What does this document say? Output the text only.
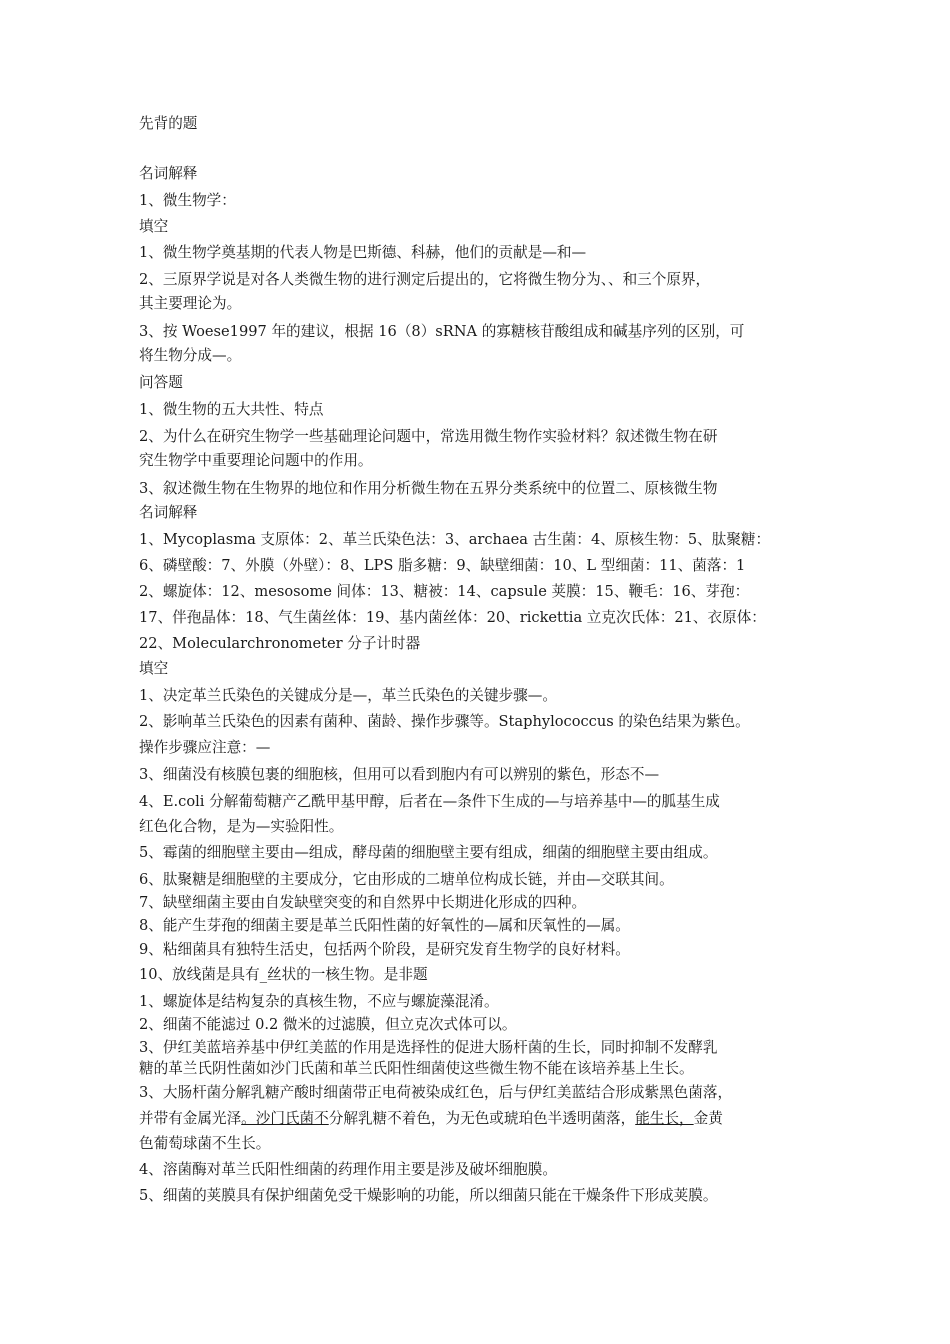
先背的题
名词解释
1、微生物学：
填空
1、微生物学奠基期的代表人物是巴斯德、科赫，他们的贡献是—和—
2、三原界学说是对各人类微生物的进行测定后提出的，它将微生物分为、、和三个原界，
其主要理论为。
3、按 Woese1997 年的建议，根据 16（8）sRNA 的寡糖核苷酸组成和碱基序列的区别，可
将生物分成—。
问答题
1、微生物的五大共性、特点
2、为什么在研究生物学一些基础理论问题中，常选用微生物作实验材料？叙述微生物在研
究生物学中重要理论问题中的作用。
3、叙述微生物在生物界的地位和作用分析微生物在五界分类系统中的位置二、原核微生物
名词解释
1、Mycoplasma 支原体：2、革兰氏染色法：3、archaea 古生菌：4、原核生物：5、肽聚糖：
6、磷壁酸：7、外膜（外壁）：8、LPS 脂多糖：9、缺壁细菌：10、L 型细菌：11、菌落：1
2、螺旋体：12、mesosome 间体：13、糖被：14、capsule 荚膜：15、鞭毛：16、芽孢：
17、伴孢晶体：18、气生菌丝体：19、基内菌丝体：20、rickettia 立克次氏体：21、衣原体：
22、Molecularchronometer 分子计时器
填空
1、决定革兰氏染色的关键成分是—，革兰氏染色的关键步骤—。
2、影响革兰氏染色的因素有菌种、菌龄、操作步骤等。Staphylococcus 的染色结果为紫色。
操作步骤应注意：—
3、细菌没有核膜包裹的细胞核，但用可以看到胞内有可以辨别的紫色，形态不—
4、E.coli 分解葡萄糖产乙酰甲基甲醇，后者在—条件下生成的—与培养基中—的胍基生成
红色化合物，是为—实验阳性。
5、霉菌的细胞壁主要由—组成，酵母菌的细胞壁主要有组成，细菌的细胞壁主要由组成。
6、肽聚糖是细胞壁的主要成分，它由形成的二塘单位构成长链，并由—交联其间。
7、缺壁细菌主要由自发缺壁突变的和自然界中长期进化形成的四种。
8、能产生芽孢的细菌主要是革兰氏阳性菌的好氧性的—属和厌氧性的—属。
9、粘细菌具有独特生活史，包括两个阶段，是研究发育生物学的良好材料。
10、放线菌是具有_丝状的一核生物。是非题
1、螺旋体是结构复杂的真核生物，不应与螺旋藻混淆。
2、细菌不能滤过 0.2 微米的过滤膜，但立克次式体可以。
3、伊红美蓝培养基中伊红美蓝的作用是选择性的促进大肠杆菌的生长，同时抑制不发酵乳
糖的革兰氏阴性菌如沙门氏菌和革兰氏阳性细菌使这些微生物不能在该培养基上生长。
3、大肠杆菌分解乳糖产酸时细菌带正电荷被染成红色，后与伊红美蓝结合形成紫黑色菌落，
并带有金属光泽。沙门氏菌不分解乳糖不着色，为无色或琥珀色半透明菌落，能生长，金黄
色葡萄球菌不生长。
4、溶菌酶对革兰氏阳性细菌的药理作用主要是涉及破坏细胞膜。
5、细菌的荚膜具有保护细菌免受干燥影响的功能，所以细菌只能在干燥条件下形成荚膜。
